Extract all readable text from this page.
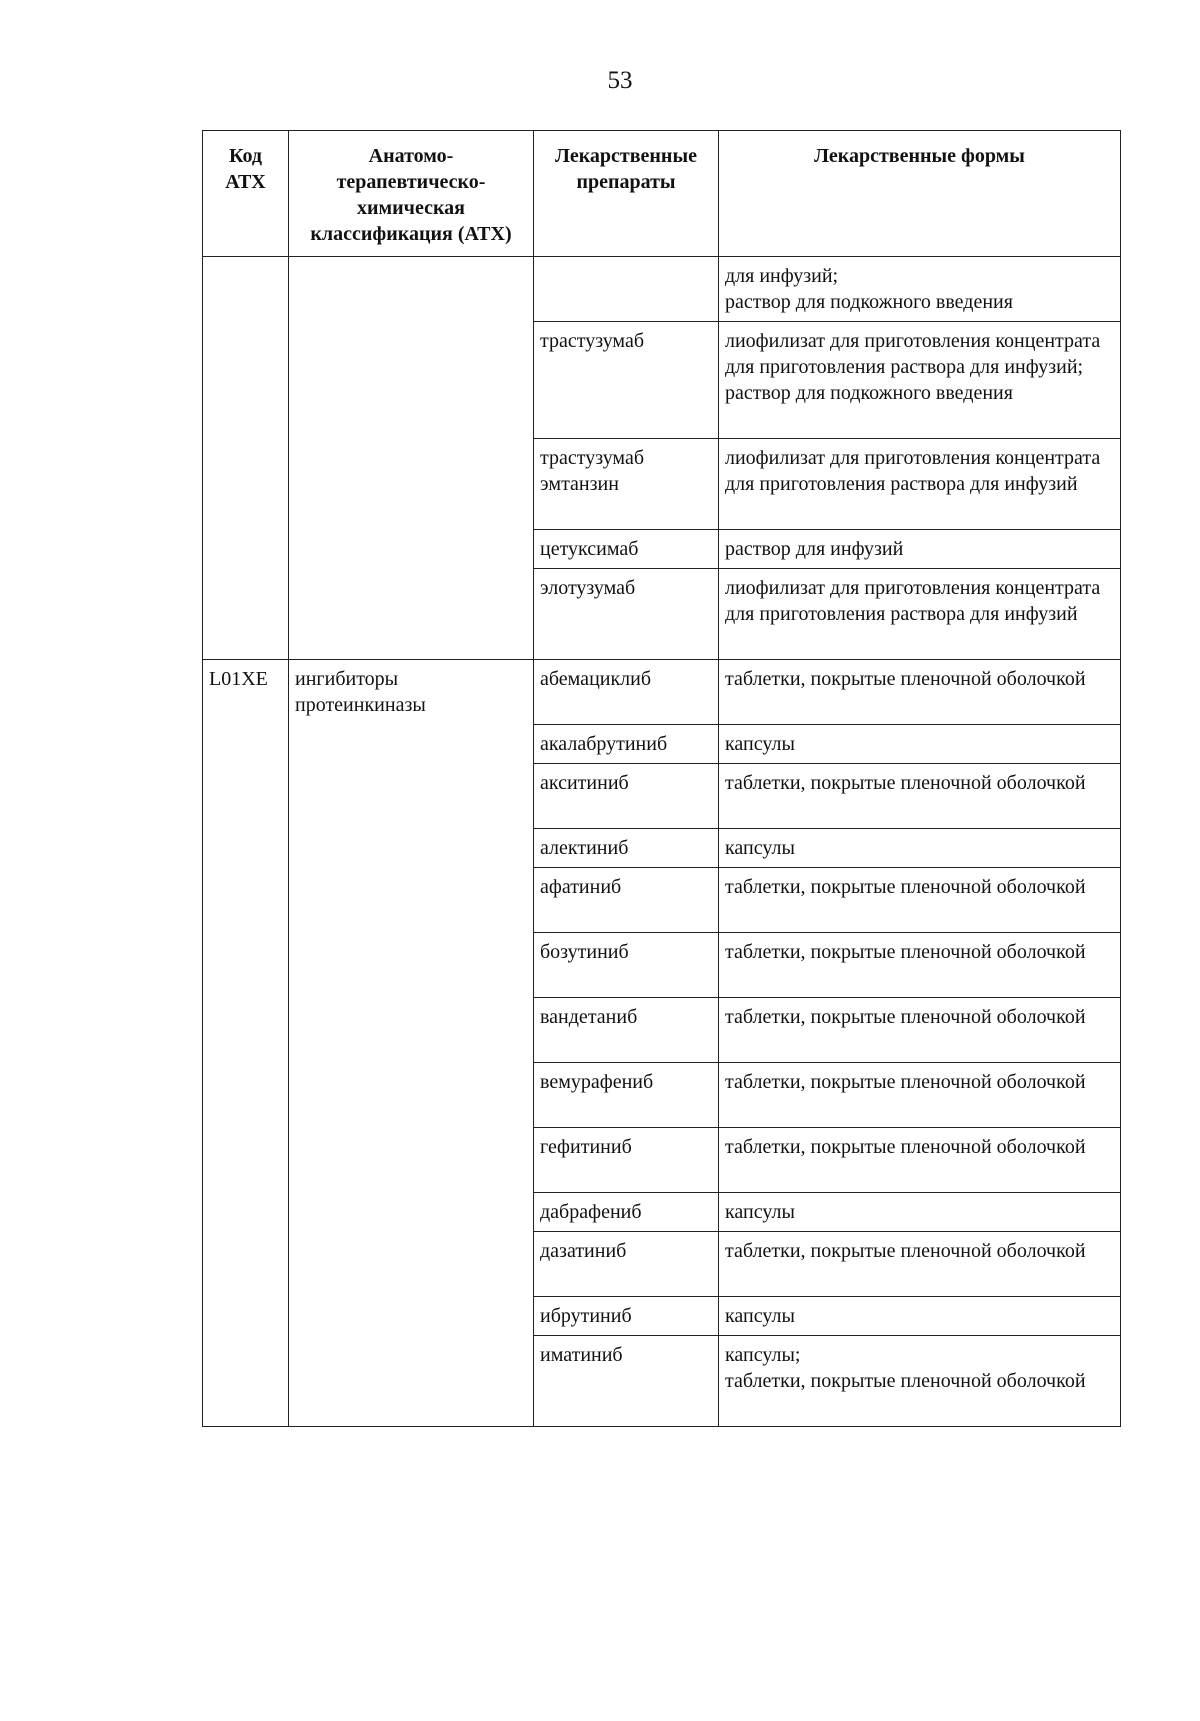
53
Код АТХ	Анатомо-терапевтическо-химическая классификация (АТХ)	Лекарственные препараты	Лекарственные формы
			для инфузий;
раствор для подкожного введения
		трастузумаб	лиофилизат для приготовления концентрата для приготовления раствора для инфузий;
раствор для подкожного введения
		трастузумаб эмтанзин	лиофилизат для приготовления концентрата для приготовления раствора для инфузий
		цетуксимаб	раствор для инфузий
		элотузумаб	лиофилизат для приготовления концентрата для приготовления раствора для инфузий
L01XE	ингибиторы протеинкиназы	абемациклиб	таблетки, покрытые пленочной оболочкой
		акалабрутиниб	капсулы
		акситиниб	таблетки, покрытые пленочной оболочкой
		алектиниб	капсулы
		афатиниб	таблетки, покрытые пленочной оболочкой
		бозутиниб	таблетки, покрытые пленочной оболочкой
		вандетаниб	таблетки, покрытые пленочной оболочкой
		вемурафениб	таблетки, покрытые пленочной оболочкой
		гефитиниб	таблетки, покрытые пленочной оболочкой
		дабрафениб	капсулы
		дазатиниб	таблетки, покрытые пленочной оболочкой
		ибрутиниб	капсулы
		иматиниб	капсулы;
таблетки, покрытые пленочной оболочкой
